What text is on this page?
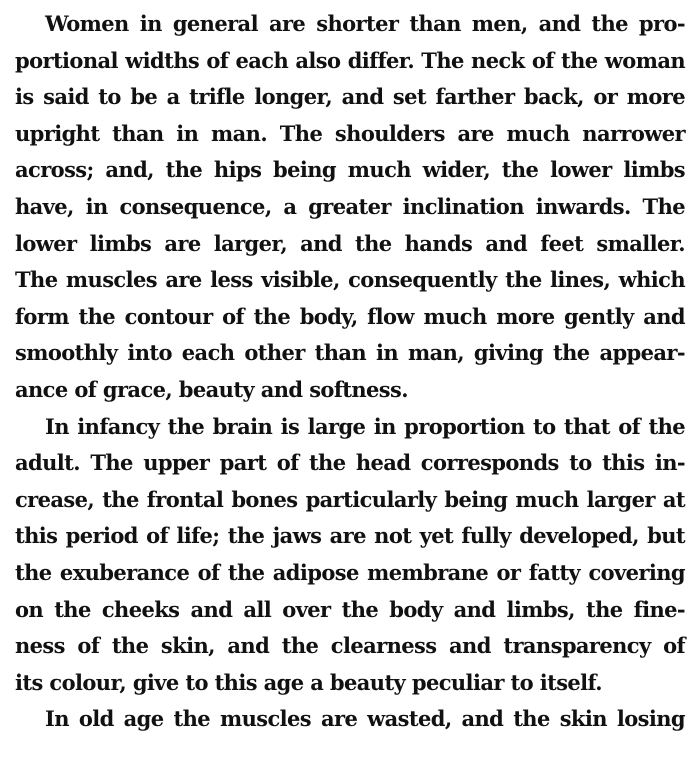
Women in general are shorter than men, and the pro-
portional widths of each also differ. The neck of the woman
is said to be a trifle longer, and set farther back, or more
upright than in man. The shoulders are much narrower
across; and, the hips being much wider, the lower limbs
have, in consequence, a greater inclination inwards. The
lower limbs are larger, and the hands and feet smaller.
The muscles are less visible, consequently the lines, which
form the contour of the body, flow much more gently and
smoothly into each other than in man, giving the appear-
ance of grace, beauty and softness.
In infancy the brain is large in proportion to that of the
adult. The upper part of the head corresponds to this in-
crease, the frontal bones particularly being much larger at
this period of life; the jaws are not yet fully developed, but
the exuberance of the adipose membrane or fatty covering
on the cheeks and all over the body and limbs, the fine-
ness of the skin, and the clearness and transparency of
its colour, give to this age a beauty peculiar to itself.
In old age the muscles are wasted, and the skin losing
